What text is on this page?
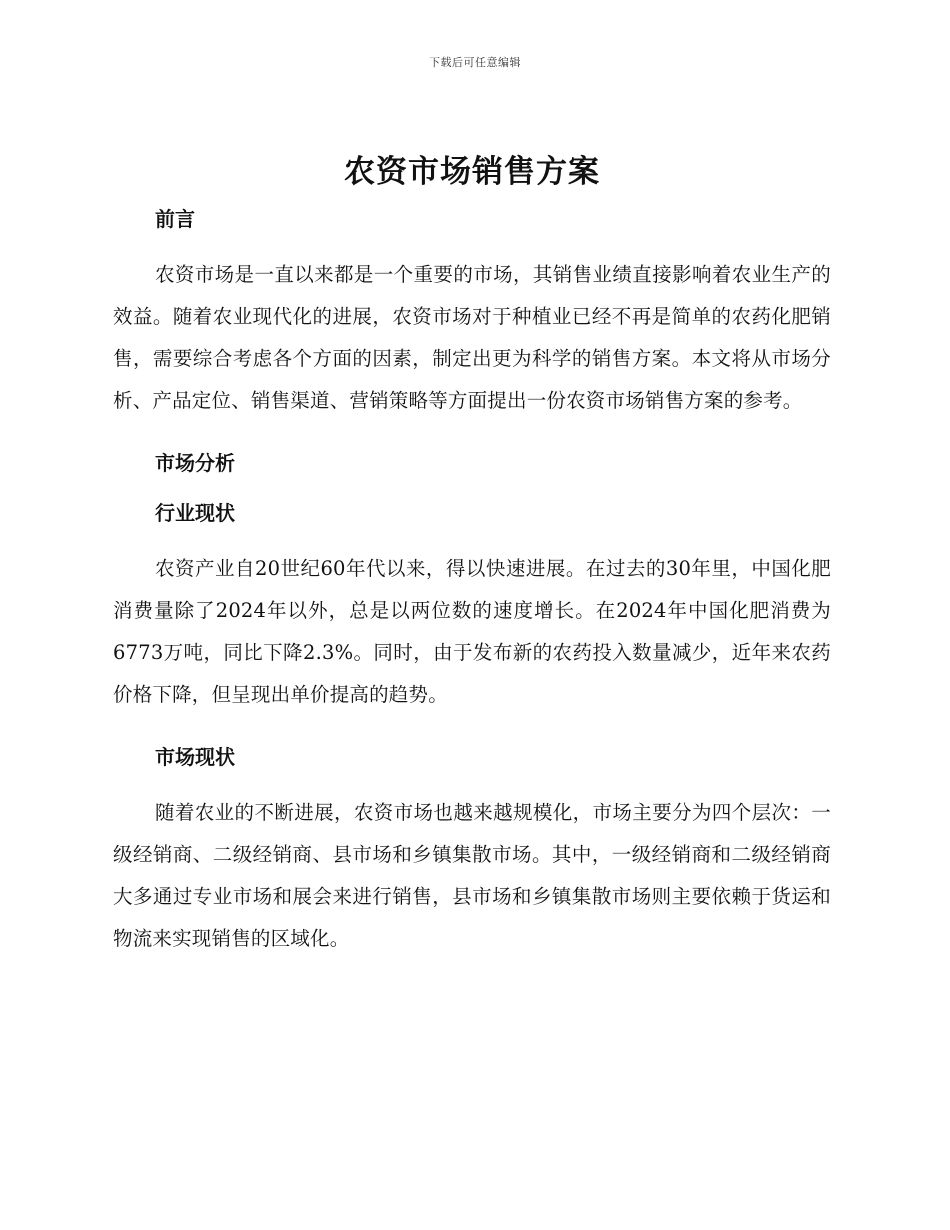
下载后可任意编辑
农资市场销售方案
前言

农资市场是一直以来都是一个重要的市场，其销售业绩直接影响着农业生产的效益。随着农业现代化的进展，农资市场对于种植业已经不再是简单的农药化肥销售，需要综合考虑各个方面的因素，制定出更为科学的销售方案。本文将从市场分析、产品定位、销售渠道、营销策略等方面提出一份农资市场销售方案的参考。

市场分析
行业现状

农资产业自20世纪60年代以来，得以快速进展。在过去的30年里，中国化肥消费量除了2024年以外，总是以两位数的速度增长。在2024年中国化肥消费为6773万吨，同比下降2.3%。同时，由于发布新的农药投入数量减少，近年来农药价格下降，但呈现出单价提高的趋势。

市场现状

随着农业的不断进展，农资市场也越来越规模化，市场主要分为四个层次：一级经销商、二级经销商、县市场和乡镇集散市场。其中，一级经销商和二级经销商大多通过专业市场和展会来进行销售，县市场和乡镇集散市场则主要依赖于货运和物流来实现销售的区域化。
